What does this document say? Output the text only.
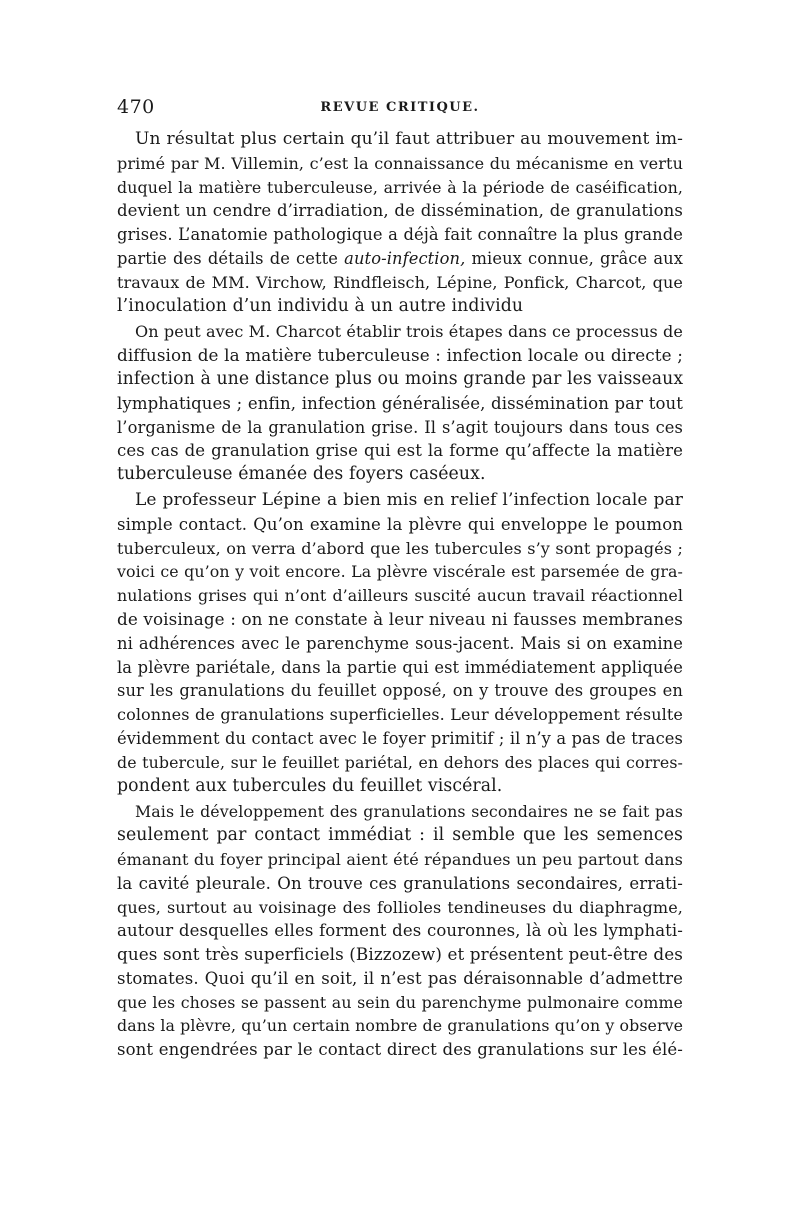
470	REVUE CRITIQUE.
Un résultat plus certain qu’il faut attribuer au mouvement im-
primé par M. Villemin, c’est la connaissance du mécanisme en vertu
duquel la matière tuberculeuse, arrivée à la période de caséification,
devient un cendre d’irradiation, de dissémination, de granulations
grises. L’anatomie pathologique a déjà fait connaître la plus grande
partie des détails de cette auto-infection, mieux connue, grâce aux
travaux de MM. Virchow, Rindfleisch, Lépine, Ponfick, Charcot, que
l’inoculation d’un individu à un autre individu
On peut avec M. Charcot établir trois étapes dans ce processus de
diffusion de la matière tuberculeuse : infection locale ou directe ;
infection à une distance plus ou moins grande par les vaisseaux
lymphatiques ; enfin, infection généralisée, dissémination par tout
l’organisme de la granulation grise. Il s’agit toujours dans tous ces
ces cas de granulation grise qui est la forme qu’affecte la matière
tuberculeuse émanée des foyers caséeux.
Le professeur Lépine a bien mis en relief l’infection locale par
simple contact. Qu’on examine la plèvre qui enveloppe le poumon
tuberculeux, on verra d’abord que les tubercules s’y sont propagés ;
voici ce qu’on y voit encore. La plèvre viscérale est parsemée de gra-
nulations grises qui n’ont d’ailleurs suscité aucun travail réactionnel
de voisinage : on ne constate à leur niveau ni fausses membranes
ni adhérences avec le parenchyme sous-jacent. Mais si on examine
la plèvre pariétale, dans la partie qui est immédiatement appliquée
sur les granulations du feuillet opposé, on y trouve des groupes en
colonnes de granulations superficielles. Leur développement résulte
évidemment du contact avec le foyer primitif ; il n’y a pas de traces
de tubercule, sur le feuillet pariétal, en dehors des places qui corres-
pondent aux tubercules du feuillet viscéral.
Mais le développement des granulations secondaires ne se fait pas
seulement par contact immédiat : il semble que les semences
émanant du foyer principal aient été répandues un peu partout dans
la cavité pleurale. On trouve ces granulations secondaires, errati-
ques, surtout au voisinage des follioles tendineuses du diaphragme,
autour desquelles elles forment des couronnes, là où les lymphati-
ques sont très superficiels (Bizzozew) et présentent peut-être des
stomates. Quoi qu’il en soit, il n’est pas déraisonnable d’admettre
que les choses se passent au sein du parenchyme pulmonaire comme
dans la plèvre, qu’un certain nombre de granulations qu’on y observe
sont engendrées par le contact direct des granulations sur les élé-
